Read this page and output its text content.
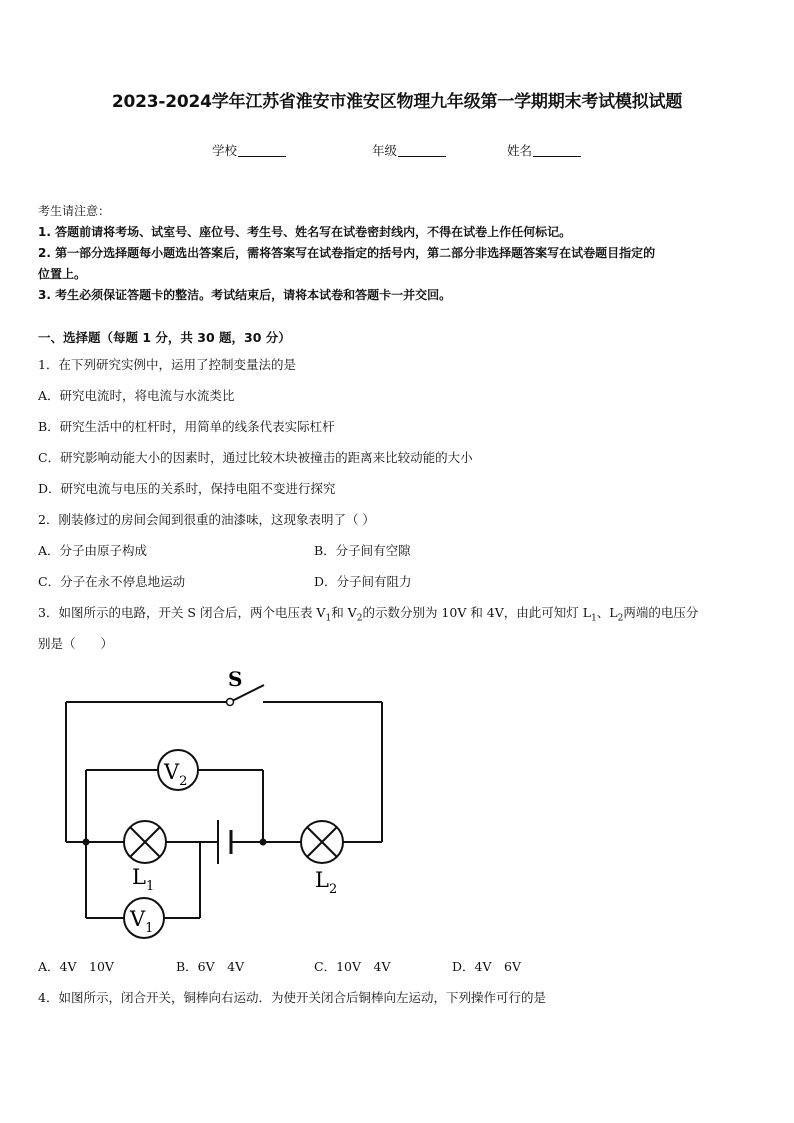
2023-2024学年江苏省淮安市淮安区物理九年级第一学期期末考试模拟试题
学校	年级	姓名
考生请注意：
1. 答题前请将考场、试室号、座位号、考生号、姓名写在试卷密封线内，不得在试卷上作任何标记。
2. 第一部分选择题每小题选出答案后，需将答案写在试卷指定的括号内，第二部分非选择题答案写在试卷题目指定的
位置上。
3. 考生必须保证答题卡的整洁。考试结束后，请将本试卷和答题卡一并交回。
一、选择题（每题 1 分，共 30 题，30 分）
1．在下列研究实例中，运用了控制变量法的是
A．研究电流时，将电流与水流类比
B．研究生活中的杠杆时，用简单的线条代表实际杠杆
C．研究影响动能大小的因素时，通过比较木块被撞击的距离来比较动能的大小
D．研究电流与电压的关系时，保持电阻不变进行探究
2．刚装修过的房间会闻到很重的油漆味，这现象表明了（ ）
A．分子由原子构成	B．分子间有空隙
C．分子在永不停息地运动	D．分子间有阻力
3．如图所示的电路，开关 S 闭合后，两个电压表 $V_1$和 $V_2$的示数分别为 10V 和 4V，由此可知灯 $L_1$、$L_2$两端的电压分
别是（　　）
S
$V_2$
$V_1$
$L_1$	$L_2$
A．4V　10V	B．6V　4V	C．10V　4V	D．4V　6V
4．如图所示，闭合开关，铜棒向右运动．为使开关闭合后铜棒向左运动，下列操作可行的是
